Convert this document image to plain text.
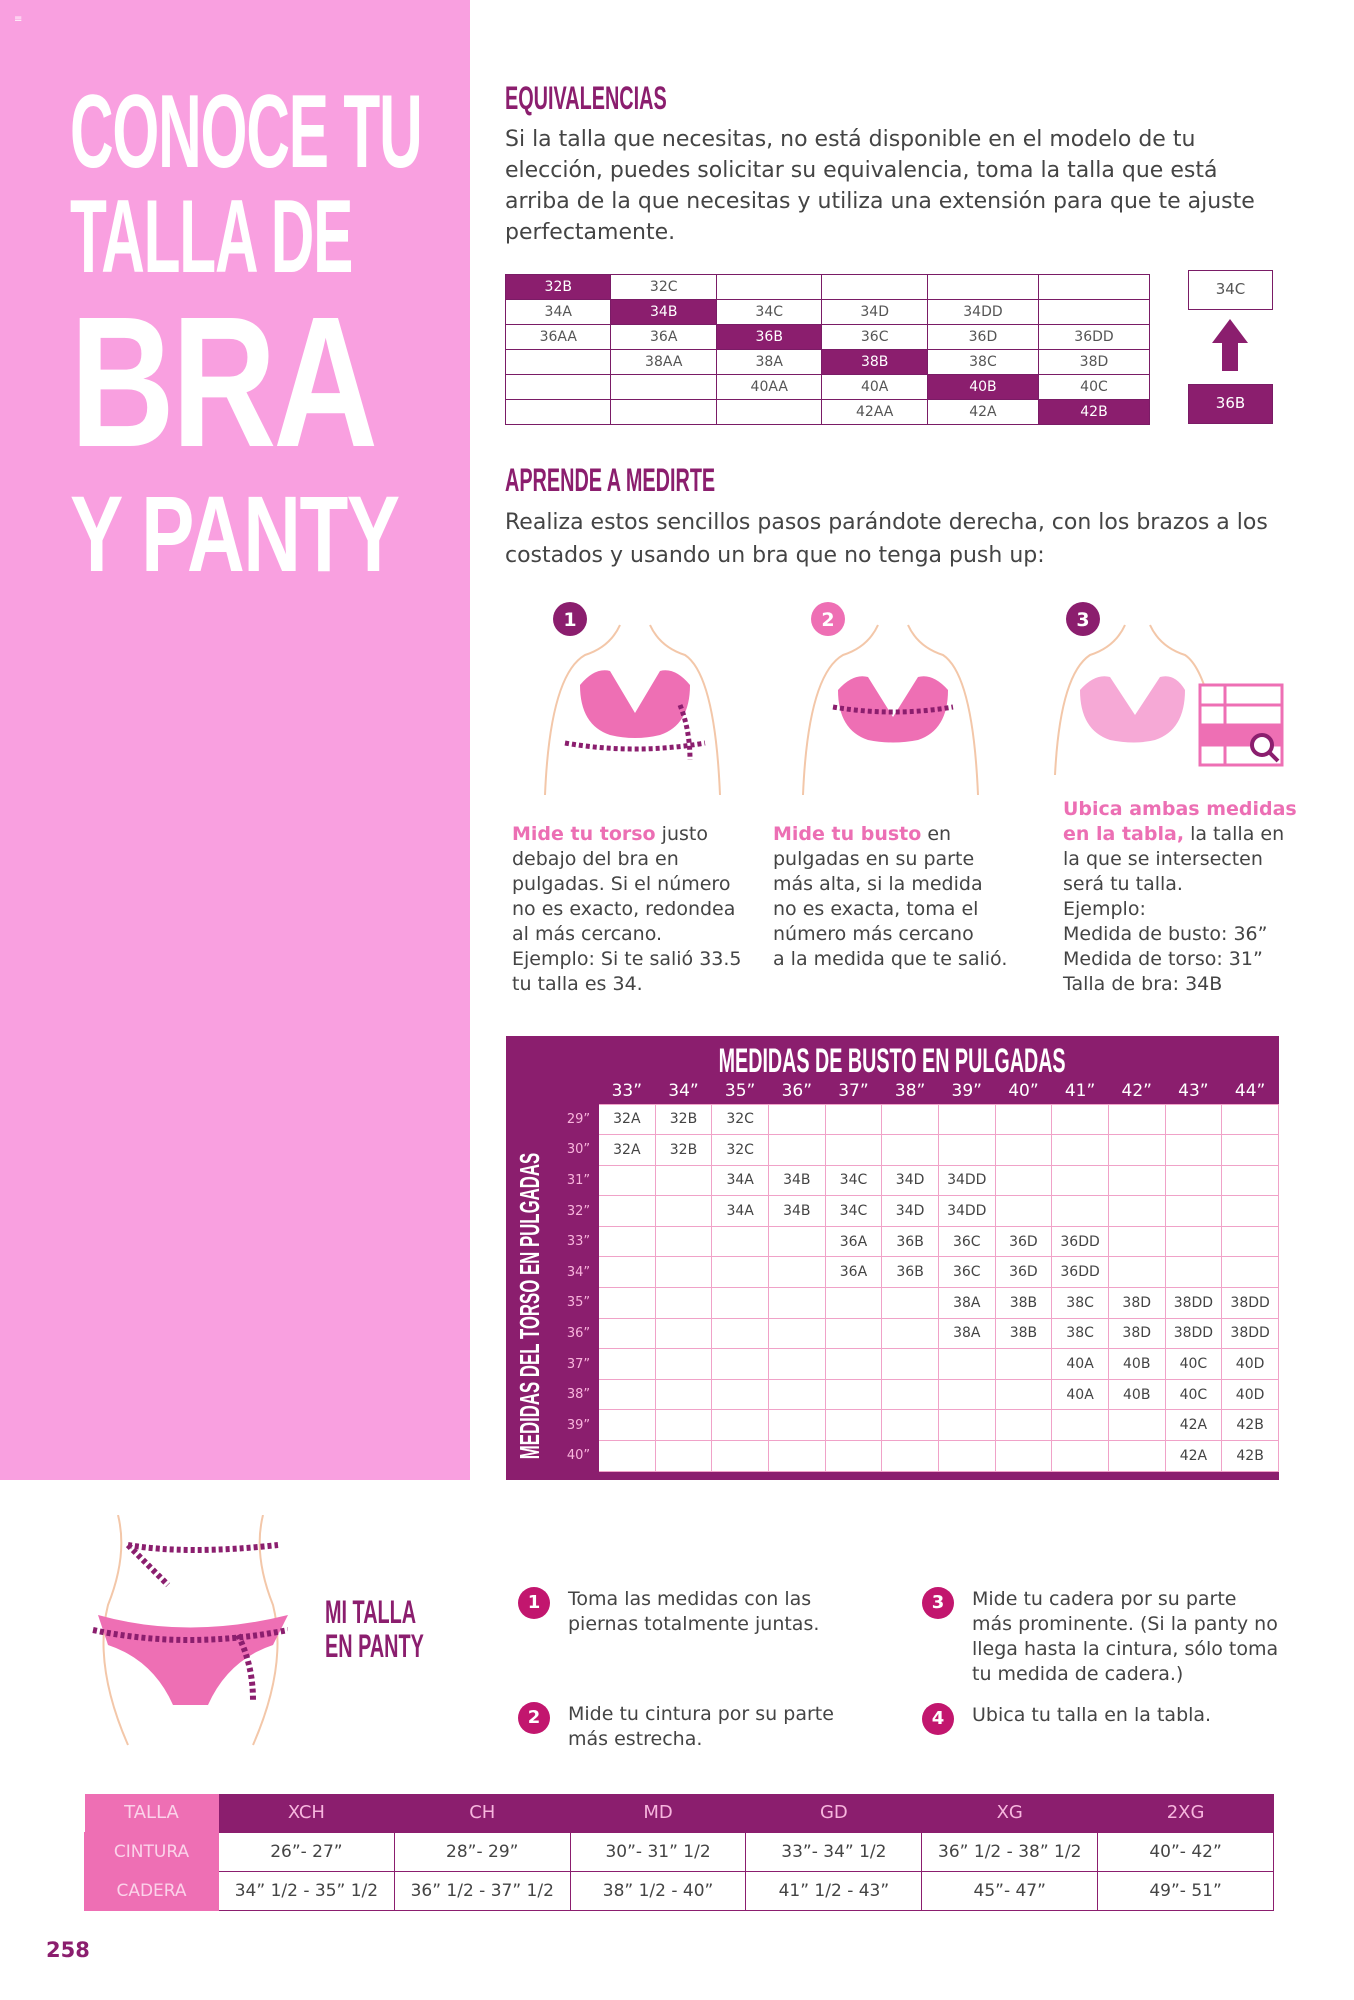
≡
CONOCE TU
TALLA DE
BRA
Y PANTY
EQUIVALENCIAS
Si la talla que necesitas, no está disponible en el modelo de tu elección, puedes solicitar su equivalencia, toma la talla que está arriba de la que necesitas y utiliza una extensión para que te ajuste perfectamente.
32B	32C				
34A	34B	34C	34D	34DD	
36AA	36A	36B	36C	36D	36DD
	38AA	38A	38B	38C	38D
		40AA	40A	40B	40C
			42AA	42A	42B
34C
36B
APRENDE A MEDIRTE
Realiza estos sencillos pasos parándote derecha, con los brazos a los costados y usando un bra que no tenga push up:
1	2	3
Mide tu torso justo
debajo del bra en
pulgadas. Si el número
no es exacto, redondea
al más cercano.
Ejemplo: Si te salió 33.5
tu talla es 34.
Mide tu busto en
pulgadas en su parte
más alta, si la medida
no es exacta, toma el
número más cercano
a la medida que te salió.
Ubica ambas medidas
en la tabla, la talla en
la que se intersecten
será tu talla.
Ejemplo:
Medida de busto: 36”
Medida de torso: 31”
Talla de bra: 34B
MEDIDAS DE BUSTO EN PULGADAS
MEDIDAS DEL TORSO EN PULGADAS
	33”	34”	35”	36”	37”	38”	39”	40”	41”	42”	43”	44”
29”	32A	32B	32C									
30”	32A	32B	32C									
31”			34A	34B	34C	34D	34DD					
32”			34A	34B	34C	34D	34DD					
33”					36A	36B	36C	36D	36DD			
34”					36A	36B	36C	36D	36DD			
35”							38A	38B	38C	38D	38DD	38DD
36”							38A	38B	38C	38D	38DD	38DD
37”									40A	40B	40C	40D
38”									40A	40B	40C	40D
39”											42A	42B
40”											42A	42B
MI TALLA
EN PANTY
1	Toma las medidas con las
piernas totalmente juntas.
2	Mide tu cintura por su parte
más estrecha.
3	Mide tu cadera por su parte
más prominente. (Si la panty no
llega hasta la cintura, sólo toma
tu medida de cadera.)
4	Ubica tu talla en la tabla.
TALLA	XCH	CH	MD	GD	XG	2XG
CINTURA	26”- 27”	28”- 29”	30”- 31” 1/2	33”- 34” 1/2	36” 1/2 - 38” 1/2	40”- 42”
CADERA	34” 1/2 - 35” 1/2	36” 1/2 - 37” 1/2	38” 1/2 - 40”	41” 1/2 - 43”	45”- 47”	49”- 51”
258
